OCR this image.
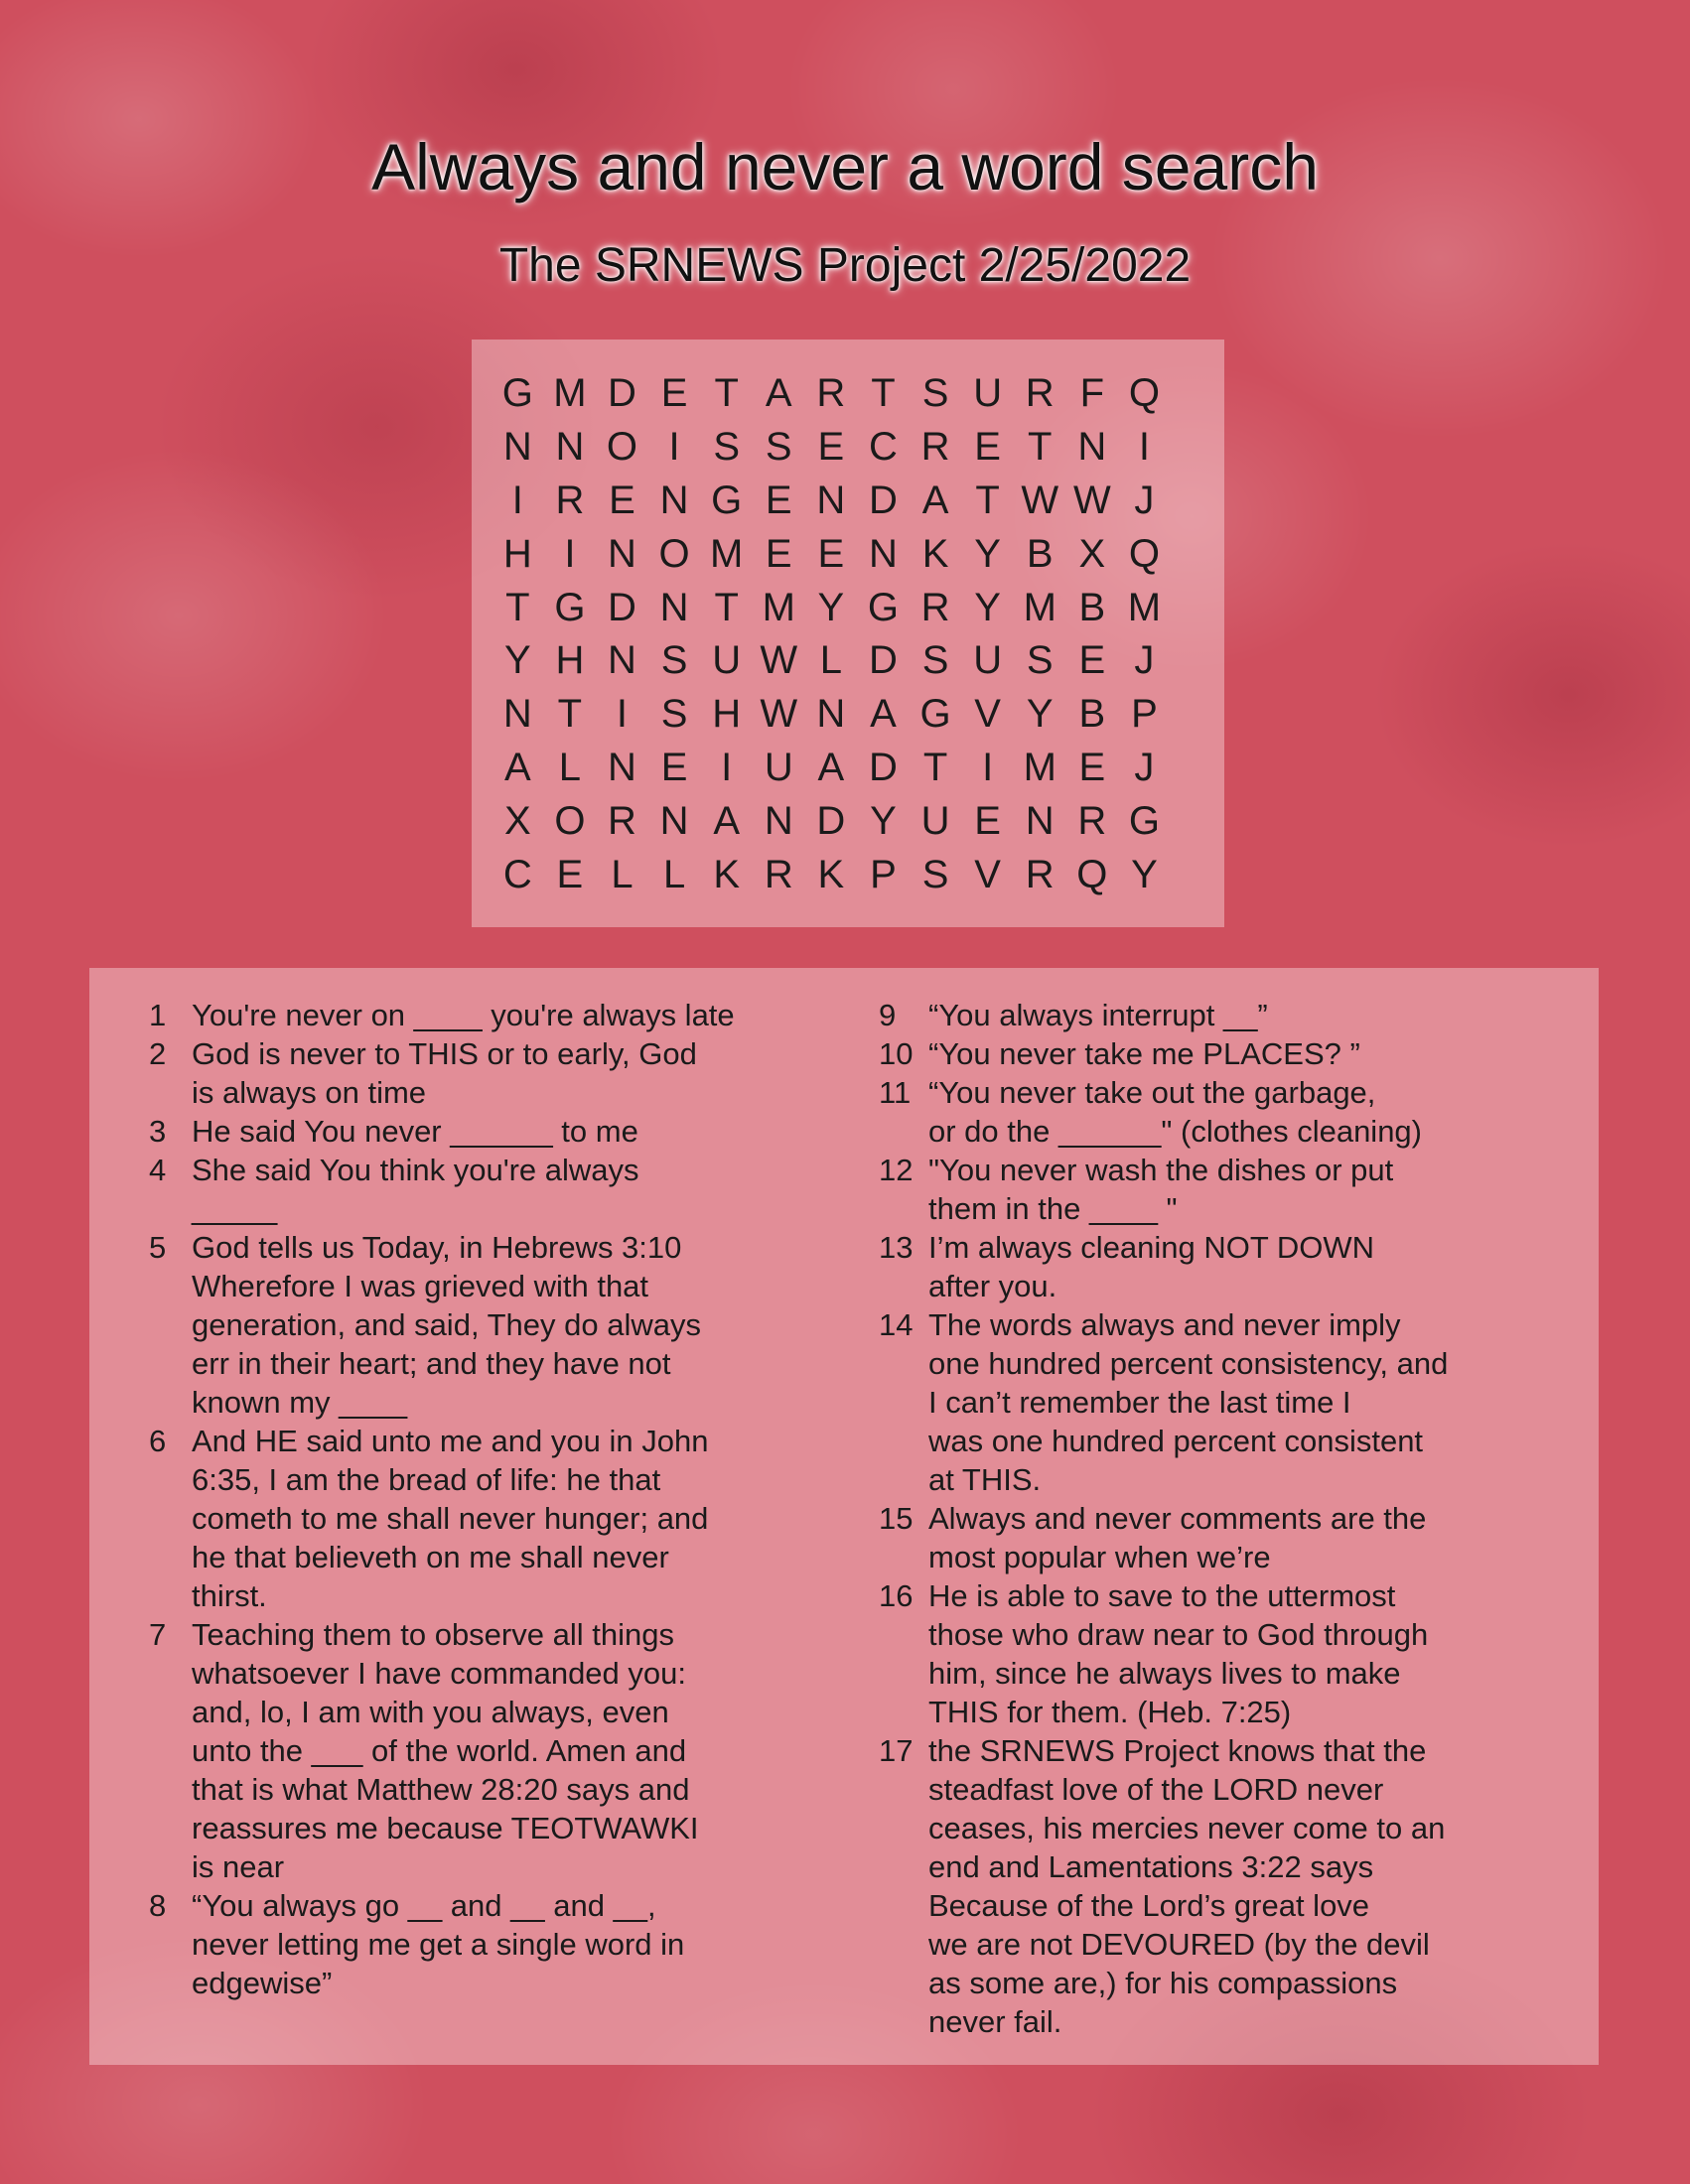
Always and never a word search
The SRNEWS Project 2/25/2022
G M D E T A R T S U R F Q
N N O I S S E C R E T N I
I R E N G E N D A T W W J
H I N O M E E N K Y B X Q
T G D N T M Y G R Y M B M
Y H N S U W L D S U S E J
N T I S H W N A G V Y B P
A L N E I U A D T I M E J
X O R N A N D Y U E N R G
C E L L K R K P S V R Q Y
1 You're never on ____ you're always late
2 God is never to THIS or to early, God
is always on time
3 He said You never ______ to me
4 She said You think you're always
_____
5 God tells us Today, in Hebrews 3:10
Wherefore I was grieved with that
generation, and said, They do always
err in their heart; and they have not
known my ____
6 And HE said unto me and you in John
6:35, I am the bread of life: he that
cometh to me shall never hunger; and
he that believeth on me shall never
thirst.
7 Teaching them to observe all things
whatsoever I have commanded you:
and, lo, I am with you always, even
unto the ___ of the world. Amen and
that is what Matthew 28:20 says and
reassures me because TEOTWAWKI
is near
8 “You always go __ and __ and __,
never letting me get a single word in
edgewise”
9	“You always interrupt __”
10 “You never take me PLACES? ”
11 “You never take out the garbage,
or do the ______" (clothes cleaning)
12 "You never wash the dishes or put
them in the ____ "
13 I’m always cleaning NOT DOWN
after you.
14 The words always and never imply
one hundred percent consistency, and
I can’t remember the last time I
was one hundred percent consistent
at THIS.
15 Always and never comments are the
most popular when we’re
16 He is able to save to the uttermost
those who draw near to God through
him, since he always lives to make
THIS for them. (Heb. 7:25)
17 the SRNEWS Project knows that the
steadfast love of the LORD never
ceases, his mercies never come to an
end and Lamentations 3:22 says
Because of the Lord’s great love
we are not DEVOURED (by the devil
as some are,) for his compassions
never fail.
